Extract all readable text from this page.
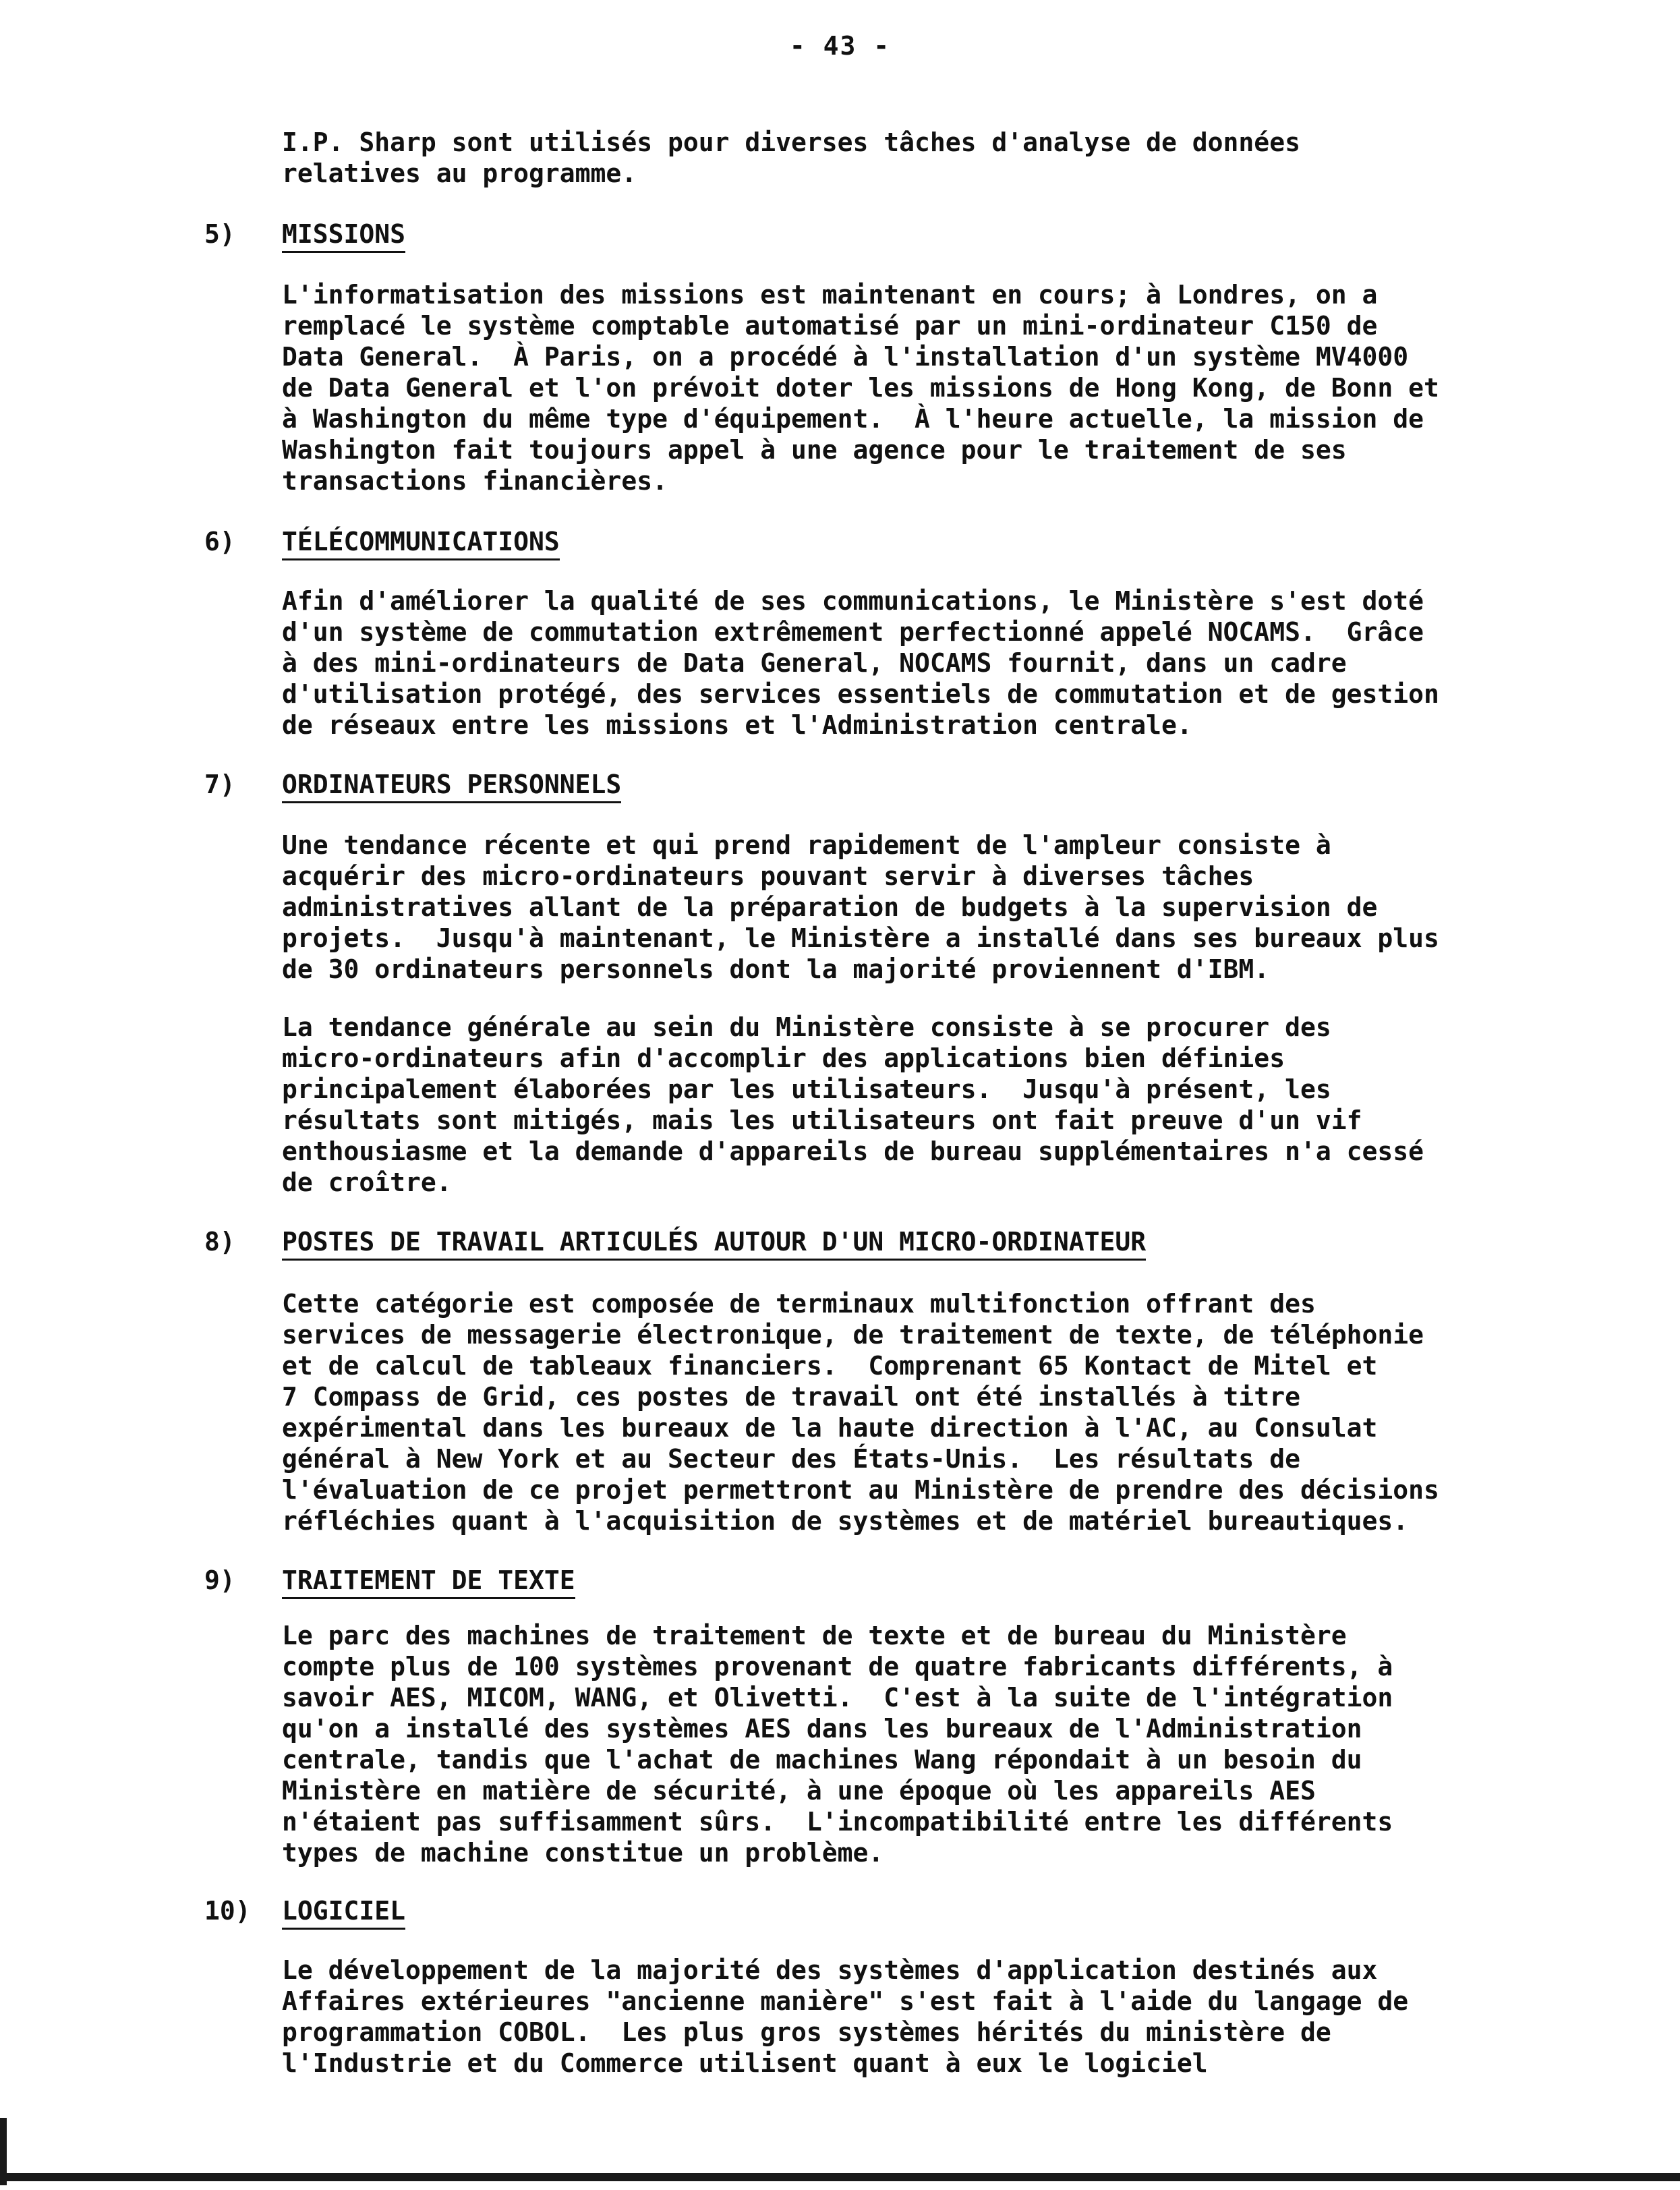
- 43 -
I.P. Sharp sont utilisés pour diverses tâches d'analyse de données
relatives au programme.
5) MISSIONS
L'informatisation des missions est maintenant en cours; à Londres, on a
remplacé le système comptable automatisé par un mini-ordinateur C150 de
Data General.  À Paris, on a procédé à l'installation d'un système MV4000
de Data General et l'on prévoit doter les missions de Hong Kong, de Bonn et
à Washington du même type d'équipement.  À l'heure actuelle, la mission de
Washington fait toujours appel à une agence pour le traitement de ses
transactions financières.
6) TÉLÉCOMMUNICATIONS
Afin d'améliorer la qualité de ses communications, le Ministère s'est doté
d'un système de commutation extrêmement perfectionné appelé NOCAMS.  Grâce
à des mini-ordinateurs de Data General, NOCAMS fournit, dans un cadre
d'utilisation protégé, des services essentiels de commutation et de gestion
de réseaux entre les missions et l'Administration centrale.
7) ORDINATEURS PERSONNELS
Une tendance récente et qui prend rapidement de l'ampleur consiste à
acquérir des micro-ordinateurs pouvant servir à diverses tâches
administratives allant de la préparation de budgets à la supervision de
projets.  Jusqu'à maintenant, le Ministère a installé dans ses bureaux plus
de 30 ordinateurs personnels dont la majorité proviennent d'IBM.
La tendance générale au sein du Ministère consiste à se procurer des
micro-ordinateurs afin d'accomplir des applications bien définies
principalement élaborées par les utilisateurs.  Jusqu'à présent, les
résultats sont mitigés, mais les utilisateurs ont fait preuve d'un vif
enthousiasme et la demande d'appareils de bureau supplémentaires n'a cessé
de croître.
8) POSTES DE TRAVAIL ARTICULÉS AUTOUR D'UN MICRO-ORDINATEUR
Cette catégorie est composée de terminaux multifonction offrant des
services de messagerie électronique, de traitement de texte, de téléphonie
et de calcul de tableaux financiers.  Comprenant 65 Kontact de Mitel et
7 Compass de Grid, ces postes de travail ont été installés à titre
expérimental dans les bureaux de la haute direction à l'AC, au Consulat
général à New York et au Secteur des États-Unis.  Les résultats de
l'évaluation de ce projet permettront au Ministère de prendre des décisions
réfléchies quant à l'acquisition de systèmes et de matériel bureautiques.
9) TRAITEMENT DE TEXTE
Le parc des machines de traitement de texte et de bureau du Ministère
compte plus de 100 systèmes provenant de quatre fabricants différents, à
savoir AES, MICOM, WANG, et Olivetti.  C'est à la suite de l'intégration
qu'on a installé des systèmes AES dans les bureaux de l'Administration
centrale, tandis que l'achat de machines Wang répondait à un besoin du
Ministère en matière de sécurité, à une époque où les appareils AES
n'étaient pas suffisamment sûrs.  L'incompatibilité entre les différents
types de machine constitue un problème.
10) LOGICIEL
Le développement de la majorité des systèmes d'application destinés aux
Affaires extérieures "ancienne manière" s'est fait à l'aide du langage de
programmation COBOL.  Les plus gros systèmes hérités du ministère de
l'Industrie et du Commerce utilisent quant à eux le logiciel
